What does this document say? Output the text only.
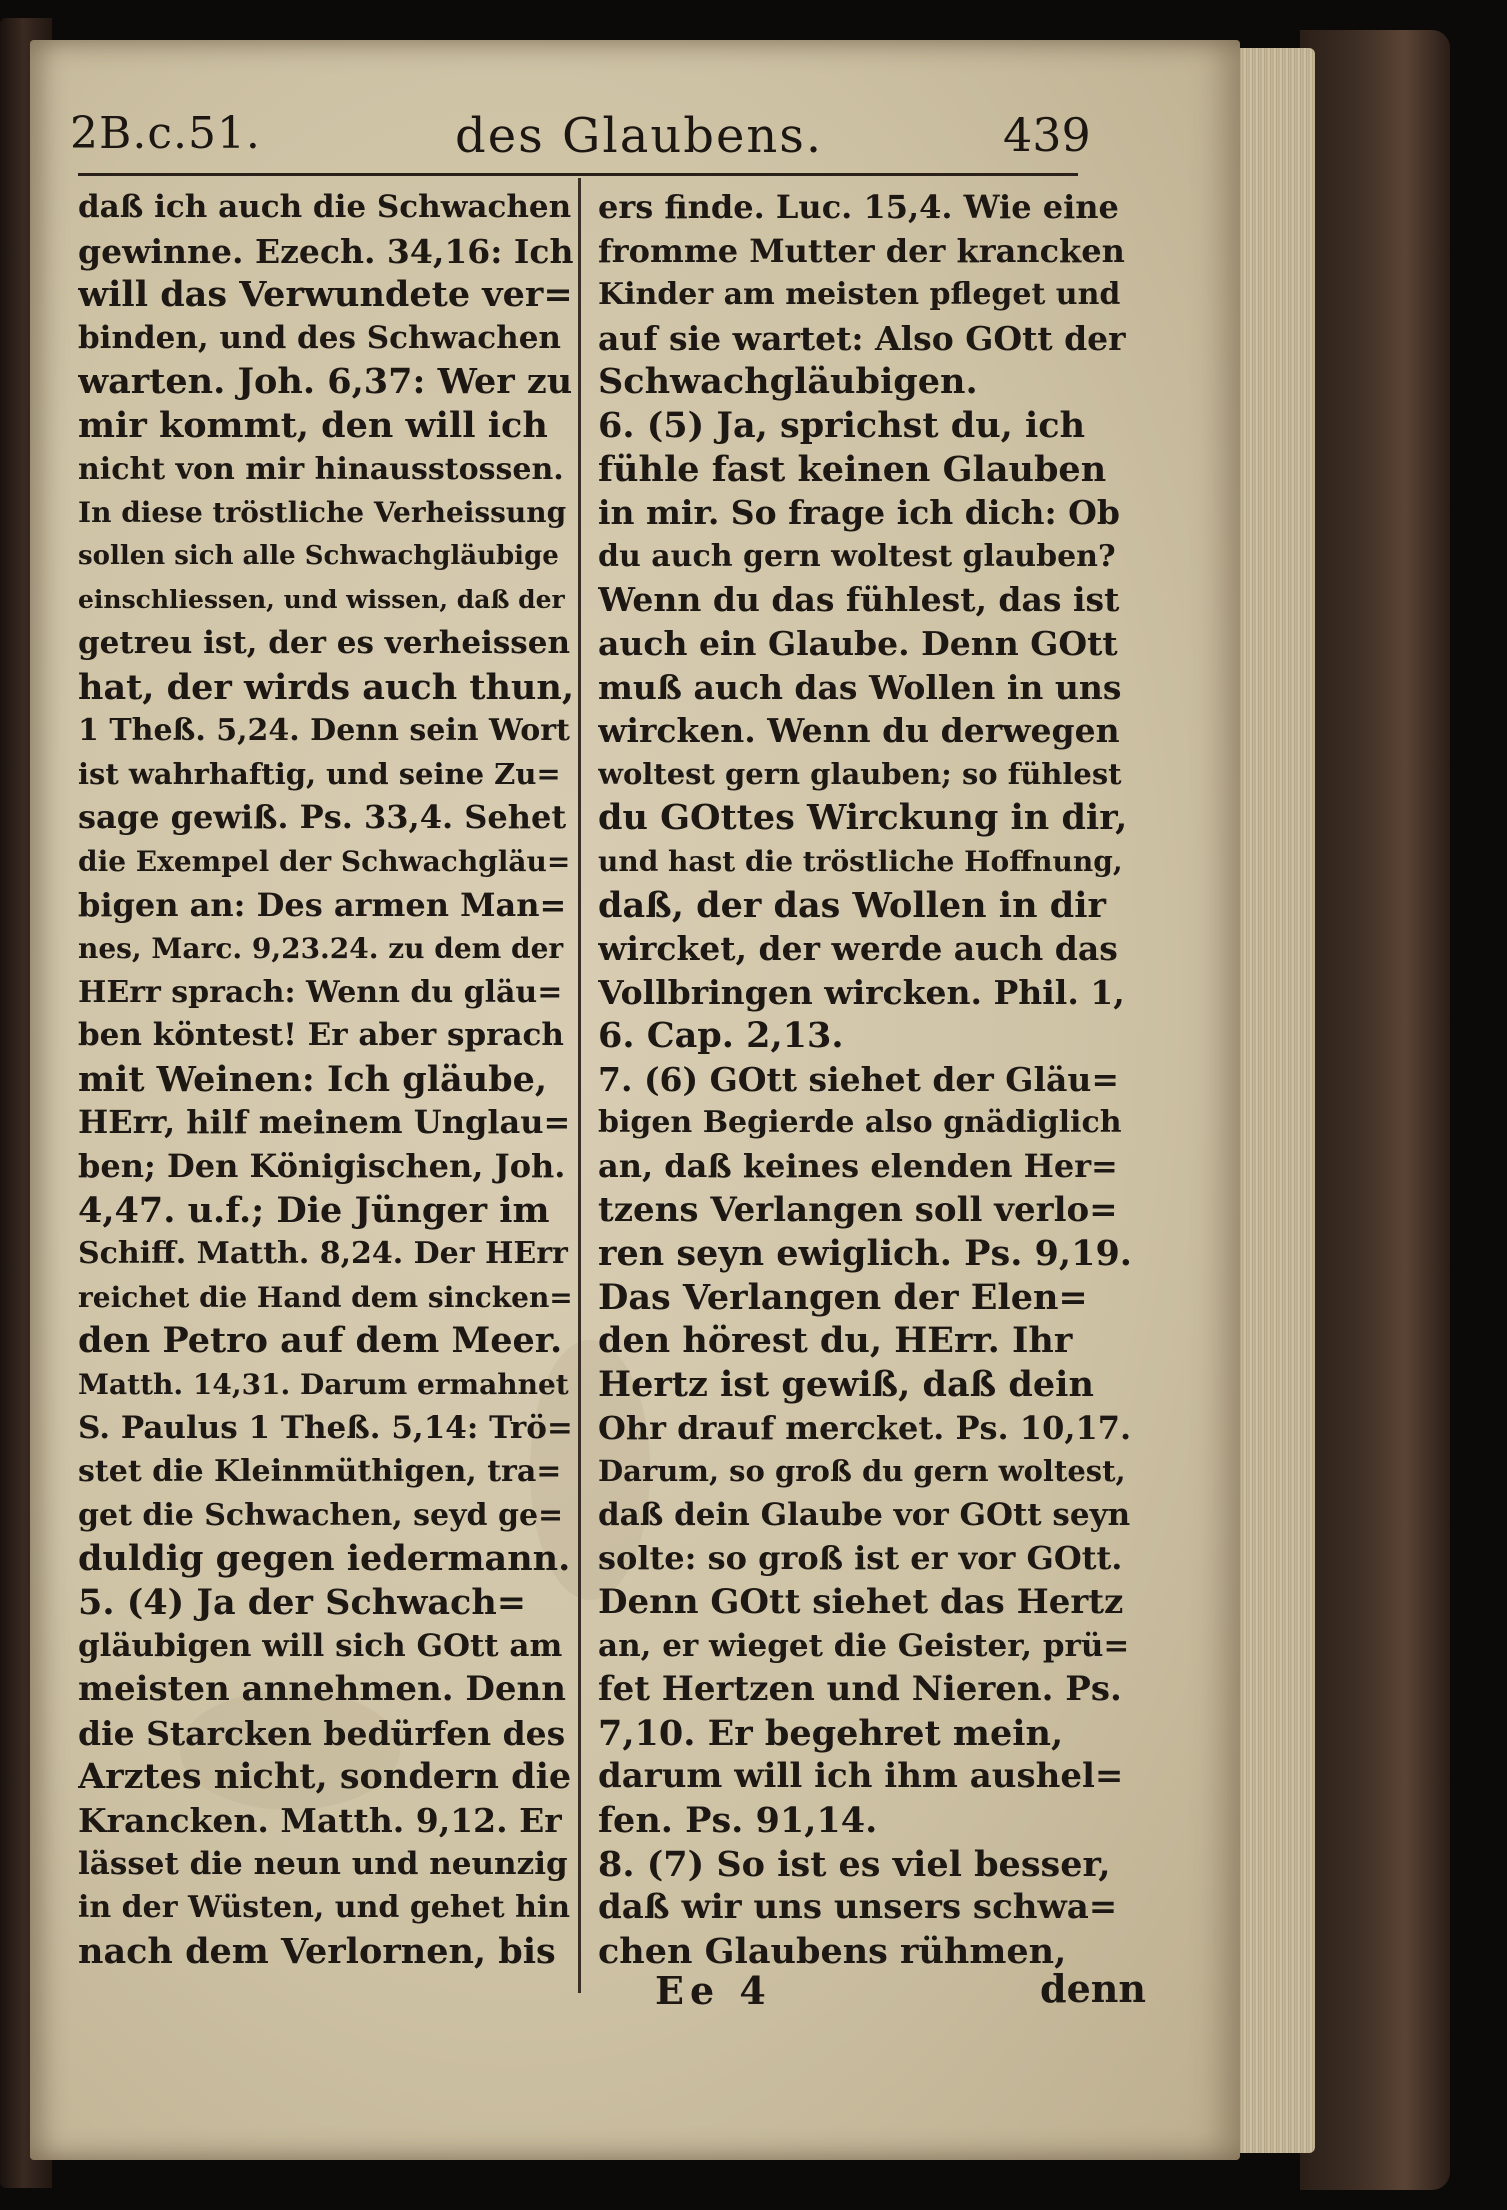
2B.c.51.	des Glaubens.	439
daß ich auch die Schwachen
gewinne. Ezech. 34,16: Ich
will das Verwundete ver=
binden, und des Schwachen
warten. Joh. 6,37: Wer zu
mir kommt, den will ich
nicht von mir hinausstossen.
In diese tröstliche Verheissung
sollen sich alle Schwachgläubige
einschliessen, und wissen, daß der
getreu ist, der es verheissen
hat, der wirds auch thun,
1 Theß. 5,24. Denn sein Wort
ist wahrhaftig, und seine Zu=
sage gewiß. Ps. 33,4. Sehet
die Exempel der Schwachgläu=
bigen an: Des armen Man=
nes, Marc. 9,23.24. zu dem der
HErr sprach: Wenn du gläu=
ben köntest! Er aber sprach
mit Weinen: Ich gläube,
HErr, hilf meinem Unglau=
ben; Den Königischen, Joh.
4,47. u.f.; Die Jünger im
Schiff. Matth. 8,24. Der HErr
reichet die Hand dem sincken=
den Petro auf dem Meer.
Matth. 14,31. Darum ermahnet
S. Paulus 1 Theß. 5,14: Trö=
stet die Kleinmüthigen, tra=
get die Schwachen, seyd ge=
duldig gegen iedermann.
5. (4) Ja der Schwach=
gläubigen will sich GOtt am
meisten annehmen. Denn
die Starcken bedürfen des
Arztes nicht, sondern die
Krancken. Matth. 9,12. Er
lässet die neun und neunzig
in der Wüsten, und gehet hin
nach dem Verlornen, bis
ers finde. Luc. 15,4. Wie eine
fromme Mutter der krancken
Kinder am meisten pfleget und
auf sie wartet: Also GOtt der
Schwachgläubigen.
6. (5) Ja, sprichst du, ich
fühle fast keinen Glauben
in mir. So frage ich dich: Ob
du auch gern woltest glauben?
Wenn du das fühlest, das ist
auch ein Glaube. Denn GOtt
muß auch das Wollen in uns
wircken. Wenn du derwegen
woltest gern glauben; so fühlest
du GOttes Wirckung in dir,
und hast die tröstliche Hoffnung,
daß, der das Wollen in dir
wircket, der werde auch das
Vollbringen wircken. Phil. 1,
6. Cap. 2,13.
7. (6) GOtt siehet der Gläu=
bigen Begierde also gnädiglich
an, daß keines elenden Her=
tzens Verlangen soll verlo=
ren seyn ewiglich. Ps. 9,19.
Das Verlangen der Elen=
den hörest du, HErr. Ihr
Hertz ist gewiß, daß dein
Ohr drauf mercket. Ps. 10,17.
Darum, so groß du gern woltest,
daß dein Glaube vor GOtt seyn
solte: so groß ist er vor GOtt.
Denn GOtt siehet das Hertz
an, er wieget die Geister, prü=
fet Hertzen und Nieren. Ps.
7,10. Er begehret mein,
darum will ich ihm aushel=
fen. Ps. 91,14.
8. (7) So ist es viel besser,
daß wir uns unsers schwa=
chen Glaubens rühmen,
Ee 4	denn
